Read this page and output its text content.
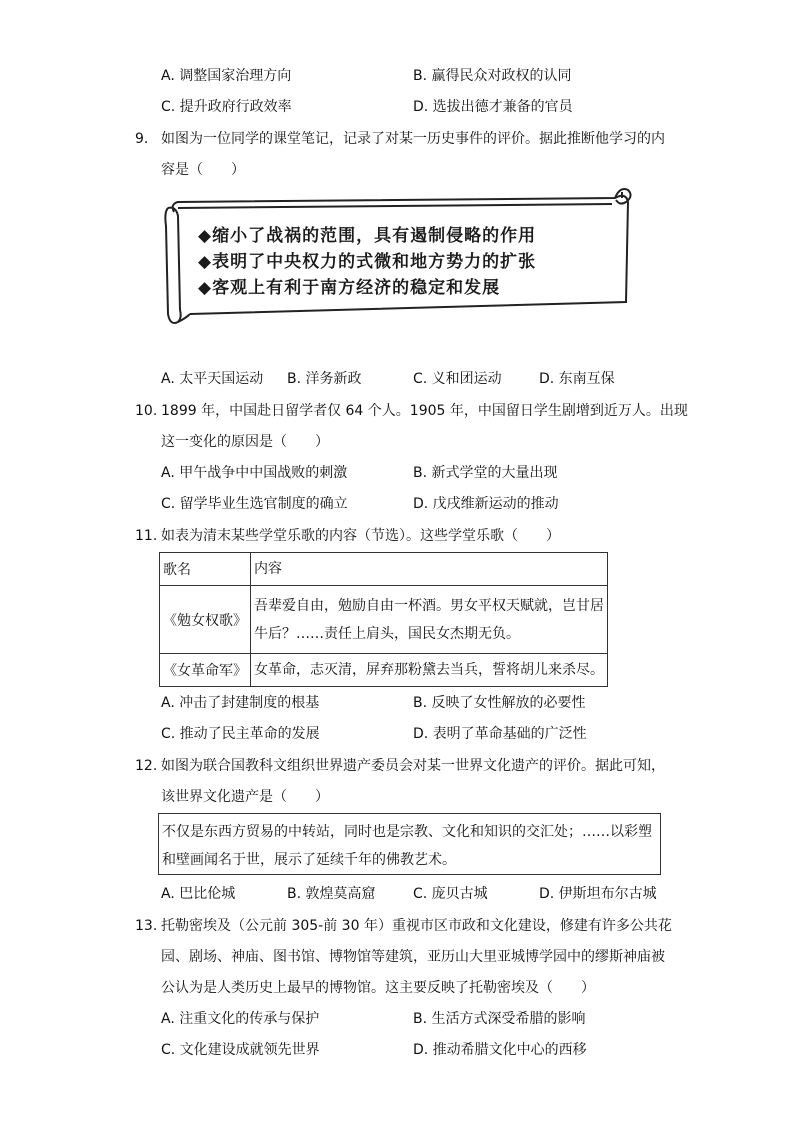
A. 调整国家治理方向	B. 赢得民众对政权的认同
C. 提升政府行政效率	D. 选拔出德才兼备的官员
9. 如图为一位同学的课堂笔记，记录了对某一历史事件的评价。据此推断他学习的内
容是（　　）
◆缩小了战祸的范围，具有遏制侵略的作用
◆表明了中央权力的式微和地方势力的扩张
◆客观上有利于南方经济的稳定和发展
A. 太平天国运动 B. 洋务新政	C. 义和团运动	D. 东南互保
10. 1899 年，中国赴日留学者仅 64 个人。1905 年，中国留日学生剧增到近万人。出现
这一变化的原因是（　　）
A. 甲午战争中中国战败的刺激	B. 新式学堂的大量出现
C. 留学毕业生选官制度的确立	D. 戊戌维新运动的推动
11. 如表为清末某些学堂乐歌的内容（节选）。这些学堂乐歌（　　）
歌名	内容
《勉女权歌》	吾辈爱自由，勉励自由一杯酒。男女平权天赋就，岂甘居牛后？……责任上肩头，国民女杰期无负。
《女革命军》	女革命，志灭清，屏弃那粉黛去当兵，誓将胡儿来杀尽。
A. 冲击了封建制度的根基	B. 反映了女性解放的必要性
C. 推动了民主革命的发展	D. 表明了革命基础的广泛性
12. 如图为联合国教科文组织世界遗产委员会对某一世界文化遗产的评价。据此可知，
该世界文化遗产是（　　）
不仅是东西方贸易的中转站，同时也是宗教、文化和知识的交汇处；……以彩塑和壁画闻名于世，展示了延续千年的佛教艺术。
A. 巴比伦城	B. 敦煌莫高窟	C. 庞贝古城	D. 伊斯坦布尔古城
13. 托勒密埃及（公元前 305-前 30 年）重视市区市政和文化建设，修建有许多公共花
园、剧场、神庙、图书馆、博物馆等建筑，亚历山大里亚城博学园中的缪斯神庙被
公认为是人类历史上最早的博物馆。这主要反映了托勒密埃及（　　）
A. 注重文化的传承与保护	B. 生活方式深受希腊的影响
C. 文化建设成就领先世界	D. 推动希腊文化中心的西移
